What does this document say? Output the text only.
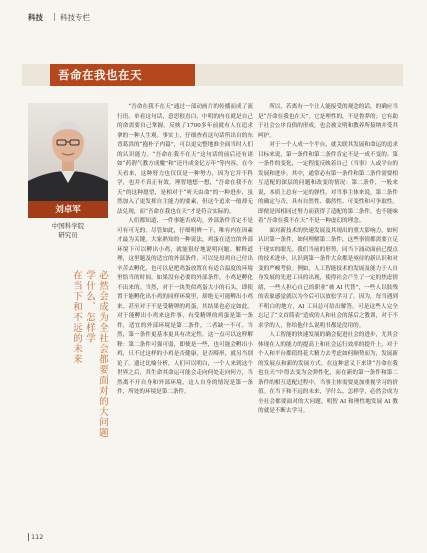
科技 科技专栏
吾命在我也在天
刘卓军
中国科学院
研究员
必然会成为全社会都要面对的大问题
学什么、怎样学
在当下和不远的未来

“吾命在我不在天”通过一部动画片的传播而成了流行语。单看这句话，意思很直白，中明的内在就是自己的命需要自己掌握。反映了1700多年前就有人在追求拿的一种人生观。事实上，仔细查看这句话所出自的东晋葛洪的“抱朴子内篇”，可以更完整地准全面当时人们的认识能力。“吾命在我不在天”这句话的前后还有诸如“药谓气教方成魔”和“还丹成金亿万年”等内容。在今天看来，这种努力也仅仅是一种努力，因为它并不科学，也并不真正有效。理智地想一想，“吾命在我不在天”的这种愿望，是相对于“听天由命”的一种进步，虽然加入了更发挥自主能力的要素，但这个追求一般却无法兑现，而“吾命在我也在天”才是符合实际的。

人们都知道，一件事能否成功，外部条件肯定不是可有可无的。尽管如此，仔细明辨一下，唯有内在因素才最为关键。大家熟知的一种说法，鸡蛋在适宜的外部环境下可以孵出小鸡，就能很好地说明问题。解释道理，这里题及的适宜的外部条件，可以是母鸡自己付出辛苦去孵化，也可以是把鸡蛋放置在有适合温度的环境里恰当的时间。如果没有必要的外部条件，小鸡是孵化不出来的。当然，对于一块类似鸡蛋大小的石头，即使置于能孵化出小鸡的同样环境里，却绝无可能孵出小鸡来。甚至对于不是受精卵的鸡蛋，其结果也必定如此。对于能孵出小鸡来这件事，有受精卵的鸡蛋是第一条件，适宜的外部环境是第二条件，二者缺一不可。当然，第一条件更基本更具有决定性，这一点可以这样解释：第二条件可强可弱，即便是一些，也可能会孵出小鸡，只不过这样的小鸡是否健康，是否畸形，就另当别论了。遗过比喻分析，人们可以明白，一个人来到这个世界之后，其生命其命运可能会走向何处走向何方，当然离不开自身和外部环境，这人自身的情况是第一条件，所处的环境是第二条件。

所以，若离有一个让人能接受的观念的话，的确应当是“吾命在我也在天”。它是理性的，不是鲁莽的；它有助于社会公序良俗的形成，也会被文明和教养所接纳并受其呵护。

对于一个人成一个平台，就关联其发展和命运的追求目标来说，第一条件和第二条件肯定不是一成不变的。第一条件的变化，一定程度反映着自己（当事）人或平台的发展和进步。其中，通常必有第一条件和第二条件需要相互适配的深层的问题和改变的情况：第二条件，一般来说，本质上总有一定的弹性。对当事主体来说，第二条件的确定与否，具有自然性、偶然性、可变性和可争取性。即便是因相同过努力而获得了适配的第二条件，也不能味着“吾命在我不在天”不是一种虚幻的理念。

面对新技术的快速发展及其现出的重大影响力，如何认识第一条件，如何理解第二条件，这些事情都需要立足于现实的眼光。我们当前的形势，同当下涌动面前已提点的技术进步，认识到第一条件大众都是亟待的新认识和对变的严峻考验。例如，人工智能技术的发展及能力于人自身发展的先进工具的出现，使得社会产生了一定的焦虑情绪，一些人担心自己的职业“被 AI 代替”，一些人以肢残的表象感觉就以为今后可以放松学习了。因为，每当遇到不明白的地方，AI 工具总可给出解答。可是这些人完全忘记了“文首简表”造成的人和社会的落后之教训，对于不求学的人，你给他什么说明书都是没用的。

人工智能的快速发展的确会促进社会的进步，尤其会体现在人的能力的提高上和社会运行效率的提升上。对于个人和平台都值得花大精力去考虑如何顺势而为，发展新的发展点和新的发展方式。在这种意义下来讲“吾命在我也在天”中得去变为会弹性化，而在新的第一条件和第二条件的相互适配过程中，当事主体需要更加重视学习的价值。在当下和不远的未来，学什么、怎样学，必然会成为全社会都要面对的大问题。明智 AI 和理性地发展 AI 教的就是不断去学习。

112
